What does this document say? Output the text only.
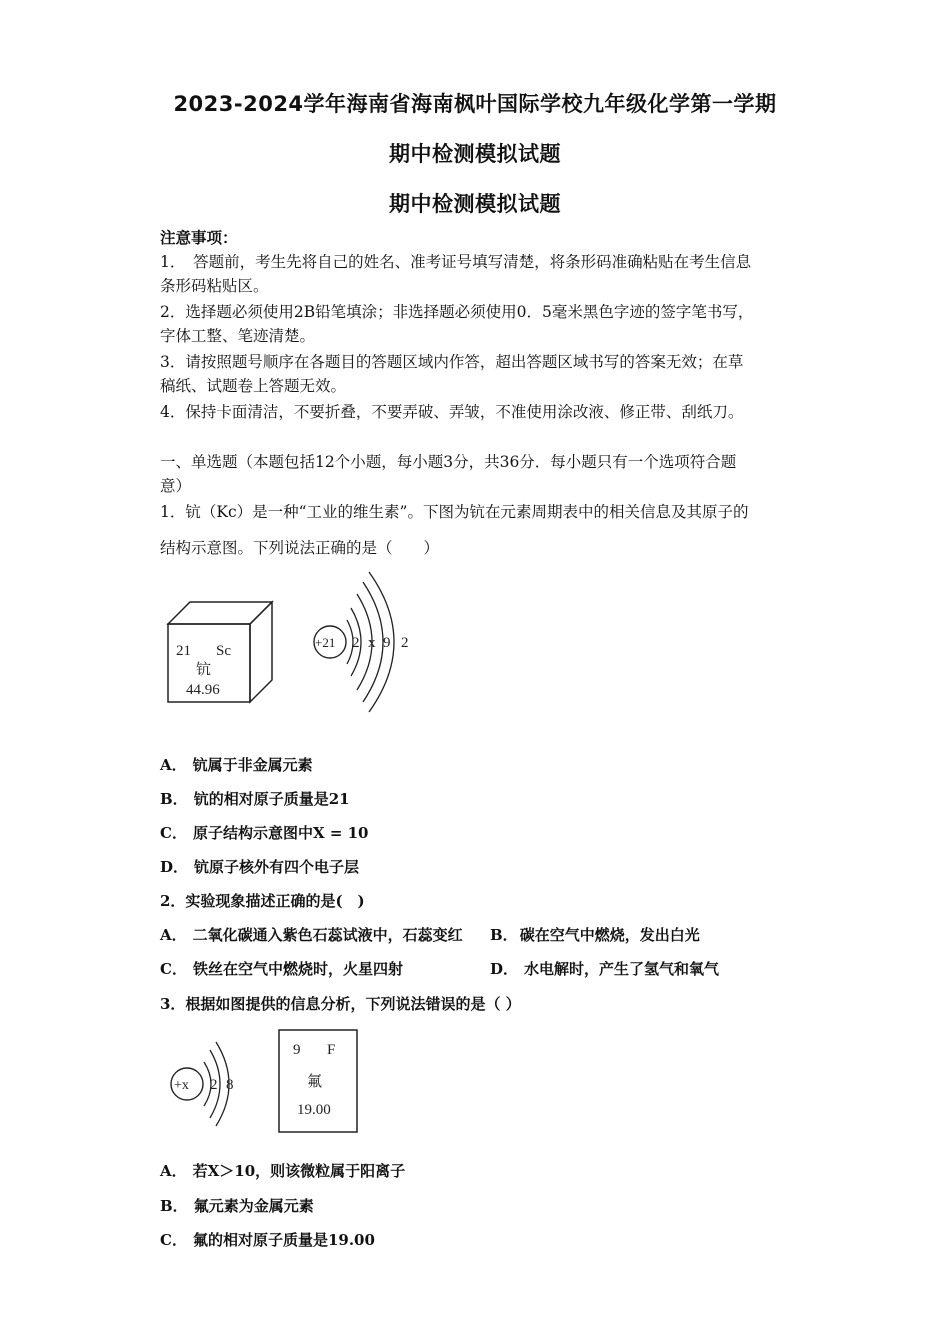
2023-2024学年海南省海南枫叶国际学校九年级化学第一学期
期中检测模拟试题
期中检测模拟试题
注意事项：
1．　答题前，考生先将自己的姓名、准考证号填写清楚，将条形码准确粘贴在考生信息
条形码粘贴区。
2．选择题必须使用2B铅笔填涂；非选择题必须使用0．5毫米黑色字迹的签字笔书写，
字体工整、笔迹清楚。
3．请按照题号顺序在各题目的答题区域内作答，超出答题区域书写的答案无效；在草
稿纸、试题卷上答题无效。
4．保持卡面清洁，不要折叠，不要弄破、弄皱，不准使用涂改液、修正带、刮纸刀。
一、单选题（本题包括12个小题，每小题3分，共36分．每小题只有一个选项符合题
意）
1．钪（Kc）是一种“工业的维生素”。下图为钪在元素周期表中的相关信息及其原子的
结构示意图。下列说法正确的是（　　）
21 Sc
钪
44.96
+21 2 x 9 2
A． 钪属于非金属元素
B． 钪的相对原子质量是21
C． 原子结构示意图中X = 10
D． 钪原子核外有四个电子层
2．实验现象描述正确的是(　)
A． 二氧化碳通入紫色石蕊试液中，石蕊变红 B． 碳在空气中燃烧，发出白光
C． 铁丝在空气中燃烧时，火星四射	D． 水电解时，产生了氢气和氧气
3．根据如图提供的信息分析，下列说法错误的是（ ）
+x 2 8
9 F
氟
19.00
A． 若X＞10，则该微粒属于阳离子
B． 氟元素为金属元素
C． 氟的相对原子质量是19.00
